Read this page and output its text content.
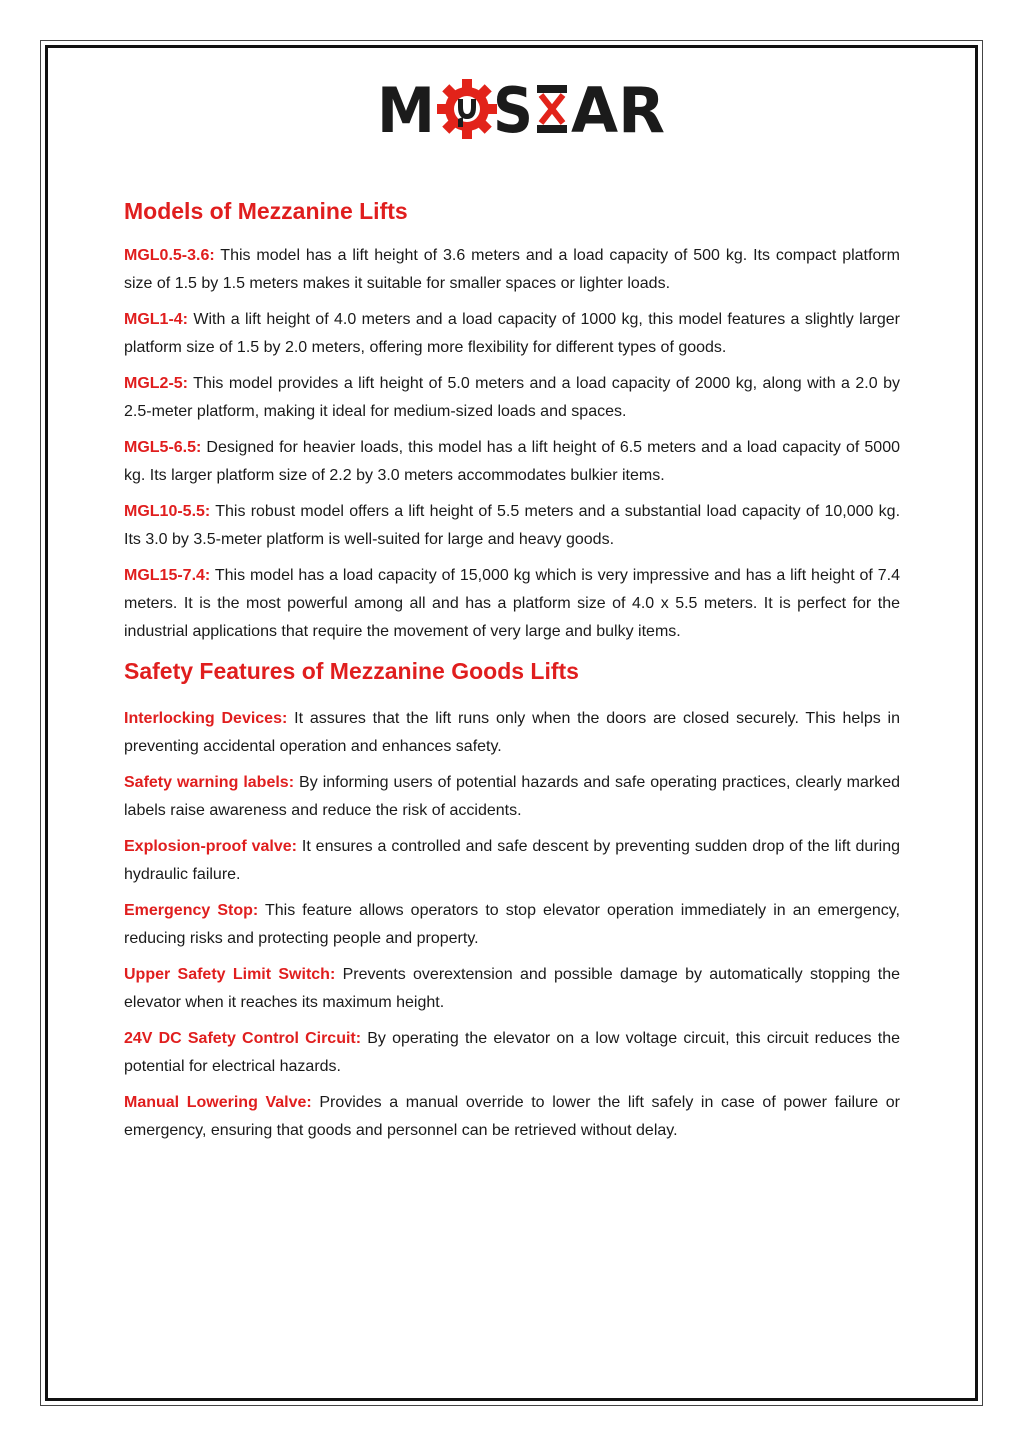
M S AR
Models of Mezzanine Lifts

MGL0.5-3.6: This model has a lift height of 3.6 meters and a load capacity of 500 kg. Its compact platform size of 1.5 by 1.5 meters makes it suitable for smaller spaces or lighter loads.

MGL1-4: With a lift height of 4.0 meters and a load capacity of 1000 kg, this model features a slightly larger platform size of 1.5 by 2.0 meters, offering more flexibility for different types of goods.

MGL2-5: This model provides a lift height of 5.0 meters and a load capacity of 2000 kg, along with a 2.0 by 2.5-meter platform, making it ideal for medium-sized loads and spaces.

MGL5-6.5: Designed for heavier loads, this model has a lift height of 6.5 meters and a load capacity of 5000 kg. Its larger platform size of 2.2 by 3.0 meters accommodates bulkier items.

MGL10-5.5: This robust model offers a lift height of 5.5 meters and a substantial load capacity of 10,000 kg. Its 3.0 by 3.5-meter platform is well-suited for large and heavy goods.

MGL15-7.4: This model has a load capacity of 15,000 kg which is very impressive and has a lift height of 7.4 meters. It is the most powerful among all and has a platform size of 4.0 x 5.5 meters. It is perfect for the industrial applications that require the movement of very large and bulky items.

Safety Features of Mezzanine Goods Lifts

Interlocking Devices: It assures that the lift runs only when the doors are closed securely. This helps in preventing accidental operation and enhances safety.

Safety warning labels: By informing users of potential hazards and safe operating practices, clearly marked labels raise awareness and reduce the risk of accidents.

Explosion-proof valve: It ensures a controlled and safe descent by preventing sudden drop of the lift during hydraulic failure.

Emergency Stop: This feature allows operators to stop elevator operation immediately in an emergency, reducing risks and protecting people and property.

Upper Safety Limit Switch: Prevents overextension and possible damage by automatically stopping the elevator when it reaches its maximum height.

24V DC Safety Control Circuit: By operating the elevator on a low voltage circuit, this circuit reduces the potential for electrical hazards.

Manual Lowering Valve: Provides a manual override to lower the lift safely in case of power failure or emergency, ensuring that goods and personnel can be retrieved without delay.
